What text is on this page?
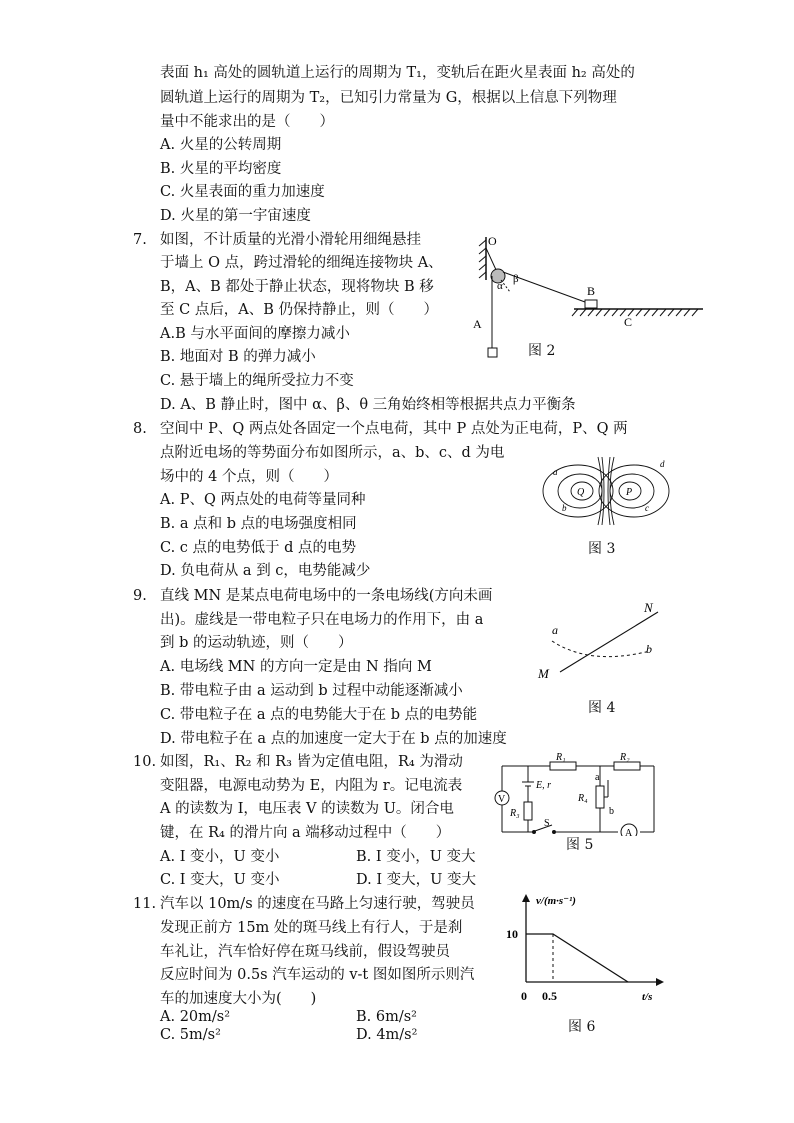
表面 h₁ 高处的圆轨道上运行的周期为 T₁，变轨后在距火星表面 h₂ 高处的
圆轨道上运行的周期为 T₂，已知引力常量为 G，根据以上信息下列物理
量中不能求出的是（　　）
A. 火星的公转周期
B. 火星的平均密度
C. 火星表面的重力加速度
D. 火星的第一宇宙速度
7. 如图，不计质量的光滑小滑轮用细绳悬挂
于墙上 O 点，跨过滑轮的细绳连接物块 A、
B，A、B 都处于静止状态，现将物块 B 移
至 C 点后，A、B 仍保持静止，则（　　）
A.B 与水平面间的摩擦力减小
B. 地面对 B 的弹力减小
C. 悬于墙上的绳所受拉力不变
D. A、B 静止时，图中 α、β、θ 三角始终相等根据共点力平衡条
O
α
β
A
B
C
图 2
8. 空间中 P、Q 两点处各固定一个点电荷，其中 P 点处为正电荷，P、Q 两
点附近电场的等势面分布如图所示，a、b、c、d 为电
场中的 4 个点，则（　　）
A. P、Q 两点处的电荷等量同种
B. a 点和 b 点的电场强度相同
C. c 点的电势低于 d 点的电势
D. 负电荷从 a 到 c，电势能减少
Q	P
a
b	c
d
图 3
9. 直线 MN 是某点电荷电场中的一条电场线(方向未画
出)。虚线是一带电粒子只在电场力的作用下，由 a
到 b 的运动轨迹，则（　　）
A. 电场线 MN 的方向一定是由 N 指向 M
B. 带电粒子由 a 运动到 b 过程中动能逐渐减小
C. 带电粒子在 a 点的电势能大于在 b 点的电势能
D. 带电粒子在 a 点的加速度一定大于在 b 点的加速度
M
N
a
b
图 4
10. 如图，R₁、R₂ 和 R₃ 皆为定值电阻，R₄ 为滑动
变阻器，电源电动势为 E，内阻为 r。记电流表
A 的读数为 I，电压表 V 的读数为 U。闭合电
键，在 R₄ 的滑片向 a 端移动过程中（　　）
A. I 变小，U 变小	B. I 变小，U 变大
C. I 变大，U 变小	D. I 变大，U 变大
V
A
R₁	R₂
R₃
R₄
E, r
S
a
b
图 5
11. 汽车以 10m/s 的速度在马路上匀速行驶，驾驶员
发现正前方 15m 处的斑马线上有行人，于是刹
车礼让，汽车恰好停在斑马线前，假设驾驶员
反应时间为 0.5s 汽车运动的 v-t 图如图所示则汽
车的加速度大小为(　　)
A. 20m/s²	B. 6m/s²
C. 5m/s²	D. 4m/s²
v/(m·s⁻¹)
t/s
10
0 0.5
图 6
